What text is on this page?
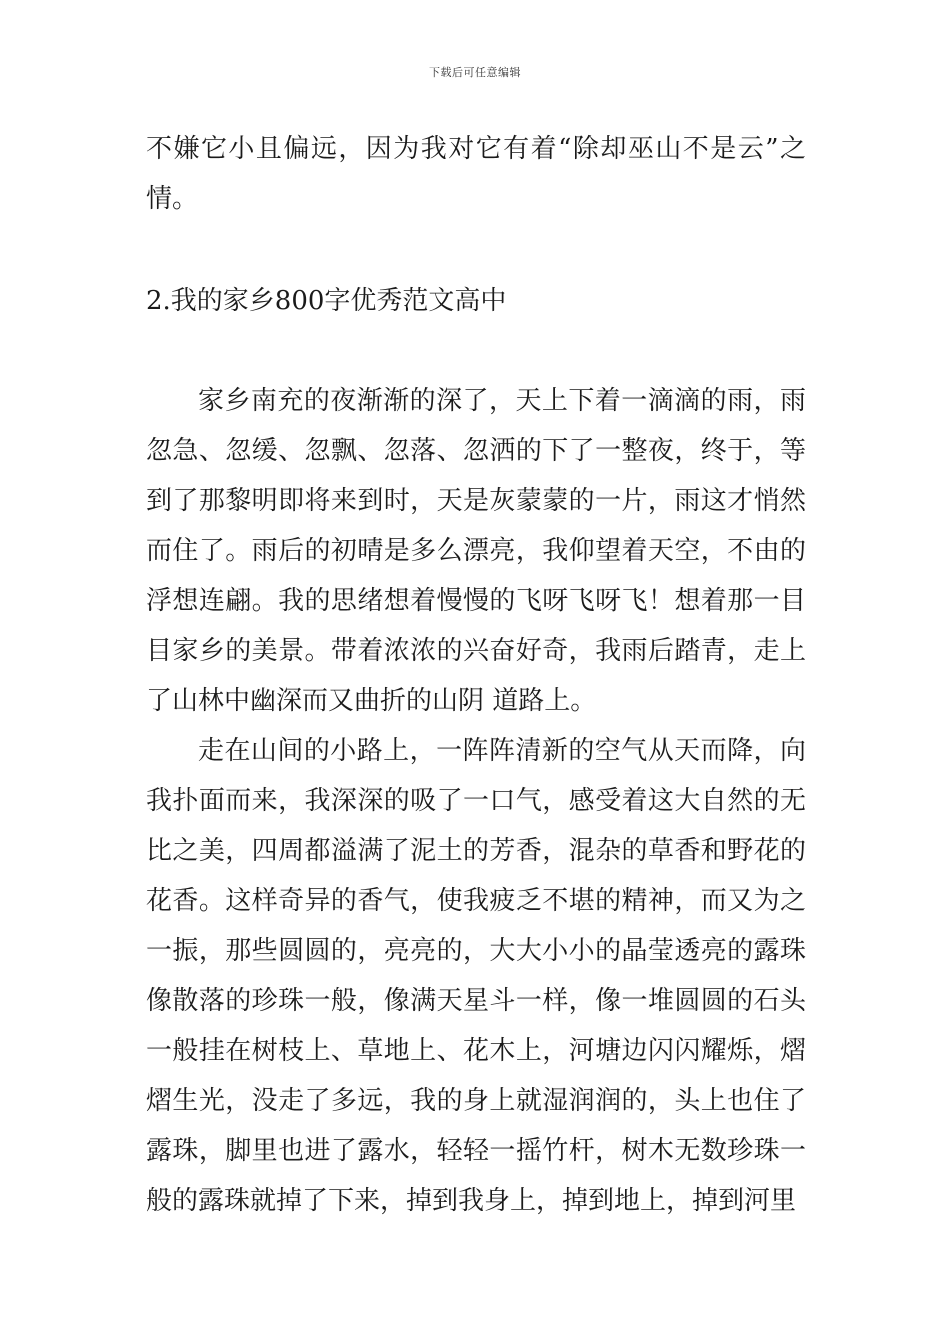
下载后可任意编辑

不嫌它小且偏远，因为我对它有着“除却巫山不是云”之情。

2.我的家乡800字优秀范文高中

家乡南充的夜渐渐的深了，天上下着一滴滴的雨，雨忽急、忽缓、忽飘、忽落、忽洒的下了一整夜，终于，等到了那黎明即将来到时，天是灰蒙蒙的一片，雨这才悄然而住了。雨后的初晴是多么漂亮，我仰望着天空，不由的浮想连翩。我的思绪想着慢慢的飞呀飞呀飞！想着那一目目家乡的美景。带着浓浓的兴奋好奇，我雨后踏青，走上了山林中幽深而又曲折的山阴 道路上。

走在山间的小路上，一阵阵清新的空气从天而降，向我扑面而来，我深深的吸了一口气，感受着这大自然的无比之美，四周都溢满了泥土的芳香，混杂的草香和野花的花香。这样奇异的香气，使我疲乏不堪的精神，而又为之一振，那些圆圆的，亮亮的，大大小小的晶莹透亮的露珠像散落的珍珠一般，像满天星斗一样，像一堆圆圆的石头一般挂在树枝上、草地上、花木上，河塘边闪闪耀烁，熠熠生光，没走了多远，我的身上就湿润润的，头上也住了露珠，脚里也进了露水，轻轻一摇竹杆，树木无数珍珠一般的露珠就掉了下来，掉到我身上，掉到地上，掉到河里
